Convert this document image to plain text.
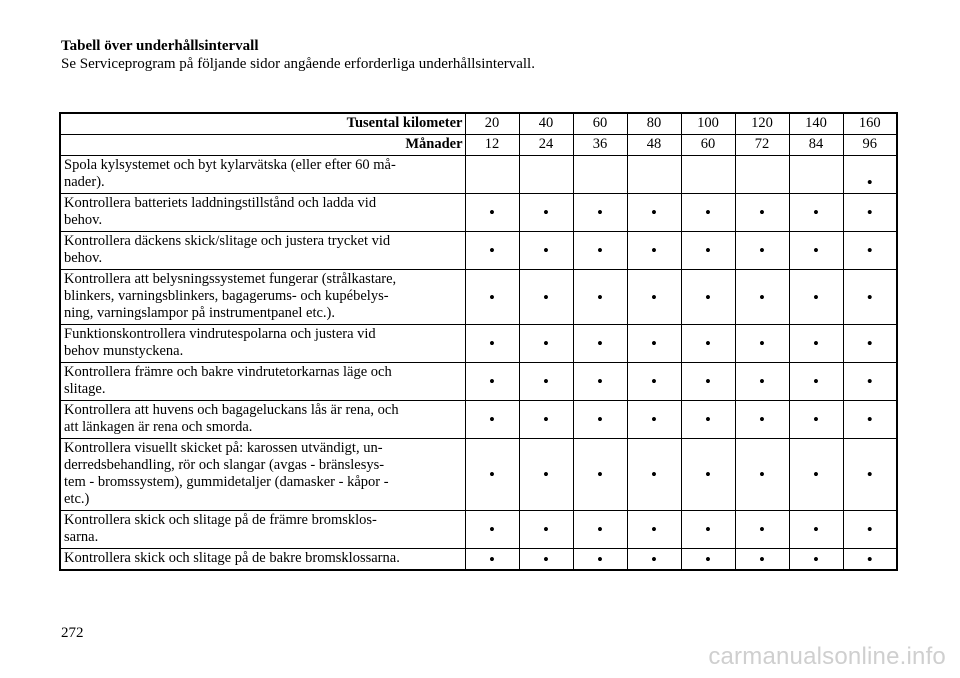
Tabell över underhållsintervall
Se Serviceprogram på följande sidor angående erforderliga underhållsintervall.
Tusental kilometer	20	40	60	80	100	120	140	160
Månader	12	24	36	48	60	72	84	96
Spola kylsystemet och byt kylarvätska (eller efter 60 må-
nader).								•
Kontrollera batteriets laddningstillstånd och ladda vid
behov.	•	•	•	•	•	•	•	•
Kontrollera däckens skick/slitage och justera trycket vid
behov.	•	•	•	•	•	•	•	•
Kontrollera att belysningssystemet fungerar (strålkastare,
blinkers, varningsblinkers, bagagerums- och kupébelys-
ning, varningslampor på instrumentpanel etc.).	•	•	•	•	•	•	•	•
Funktionskontrollera vindrutespolarna och justera vid
behov munstyckena.	•	•	•	•	•	•	•	•
Kontrollera främre och bakre vindrutetorkarnas läge och
slitage.	•	•	•	•	•	•	•	•
Kontrollera att huvens och bagageluckans lås är rena, och
att länkagen är rena och smorda.	•	•	•	•	•	•	•	•
Kontrollera visuellt skicket på: karossen utvändigt, un-
derredsbehandling, rör och slangar (avgas - bränslesys-
tem - bromssystem), gummidetaljer (damasker - kåpor -
etc.)	•	•	•	•	•	•	•	•
Kontrollera skick och slitage på de främre bromsklos-
sarna.	•	•	•	•	•	•	•	•
Kontrollera skick och slitage på de bakre bromsklossarna.	•	•	•	•	•	•	•	•
272
carmanualsonline.info
